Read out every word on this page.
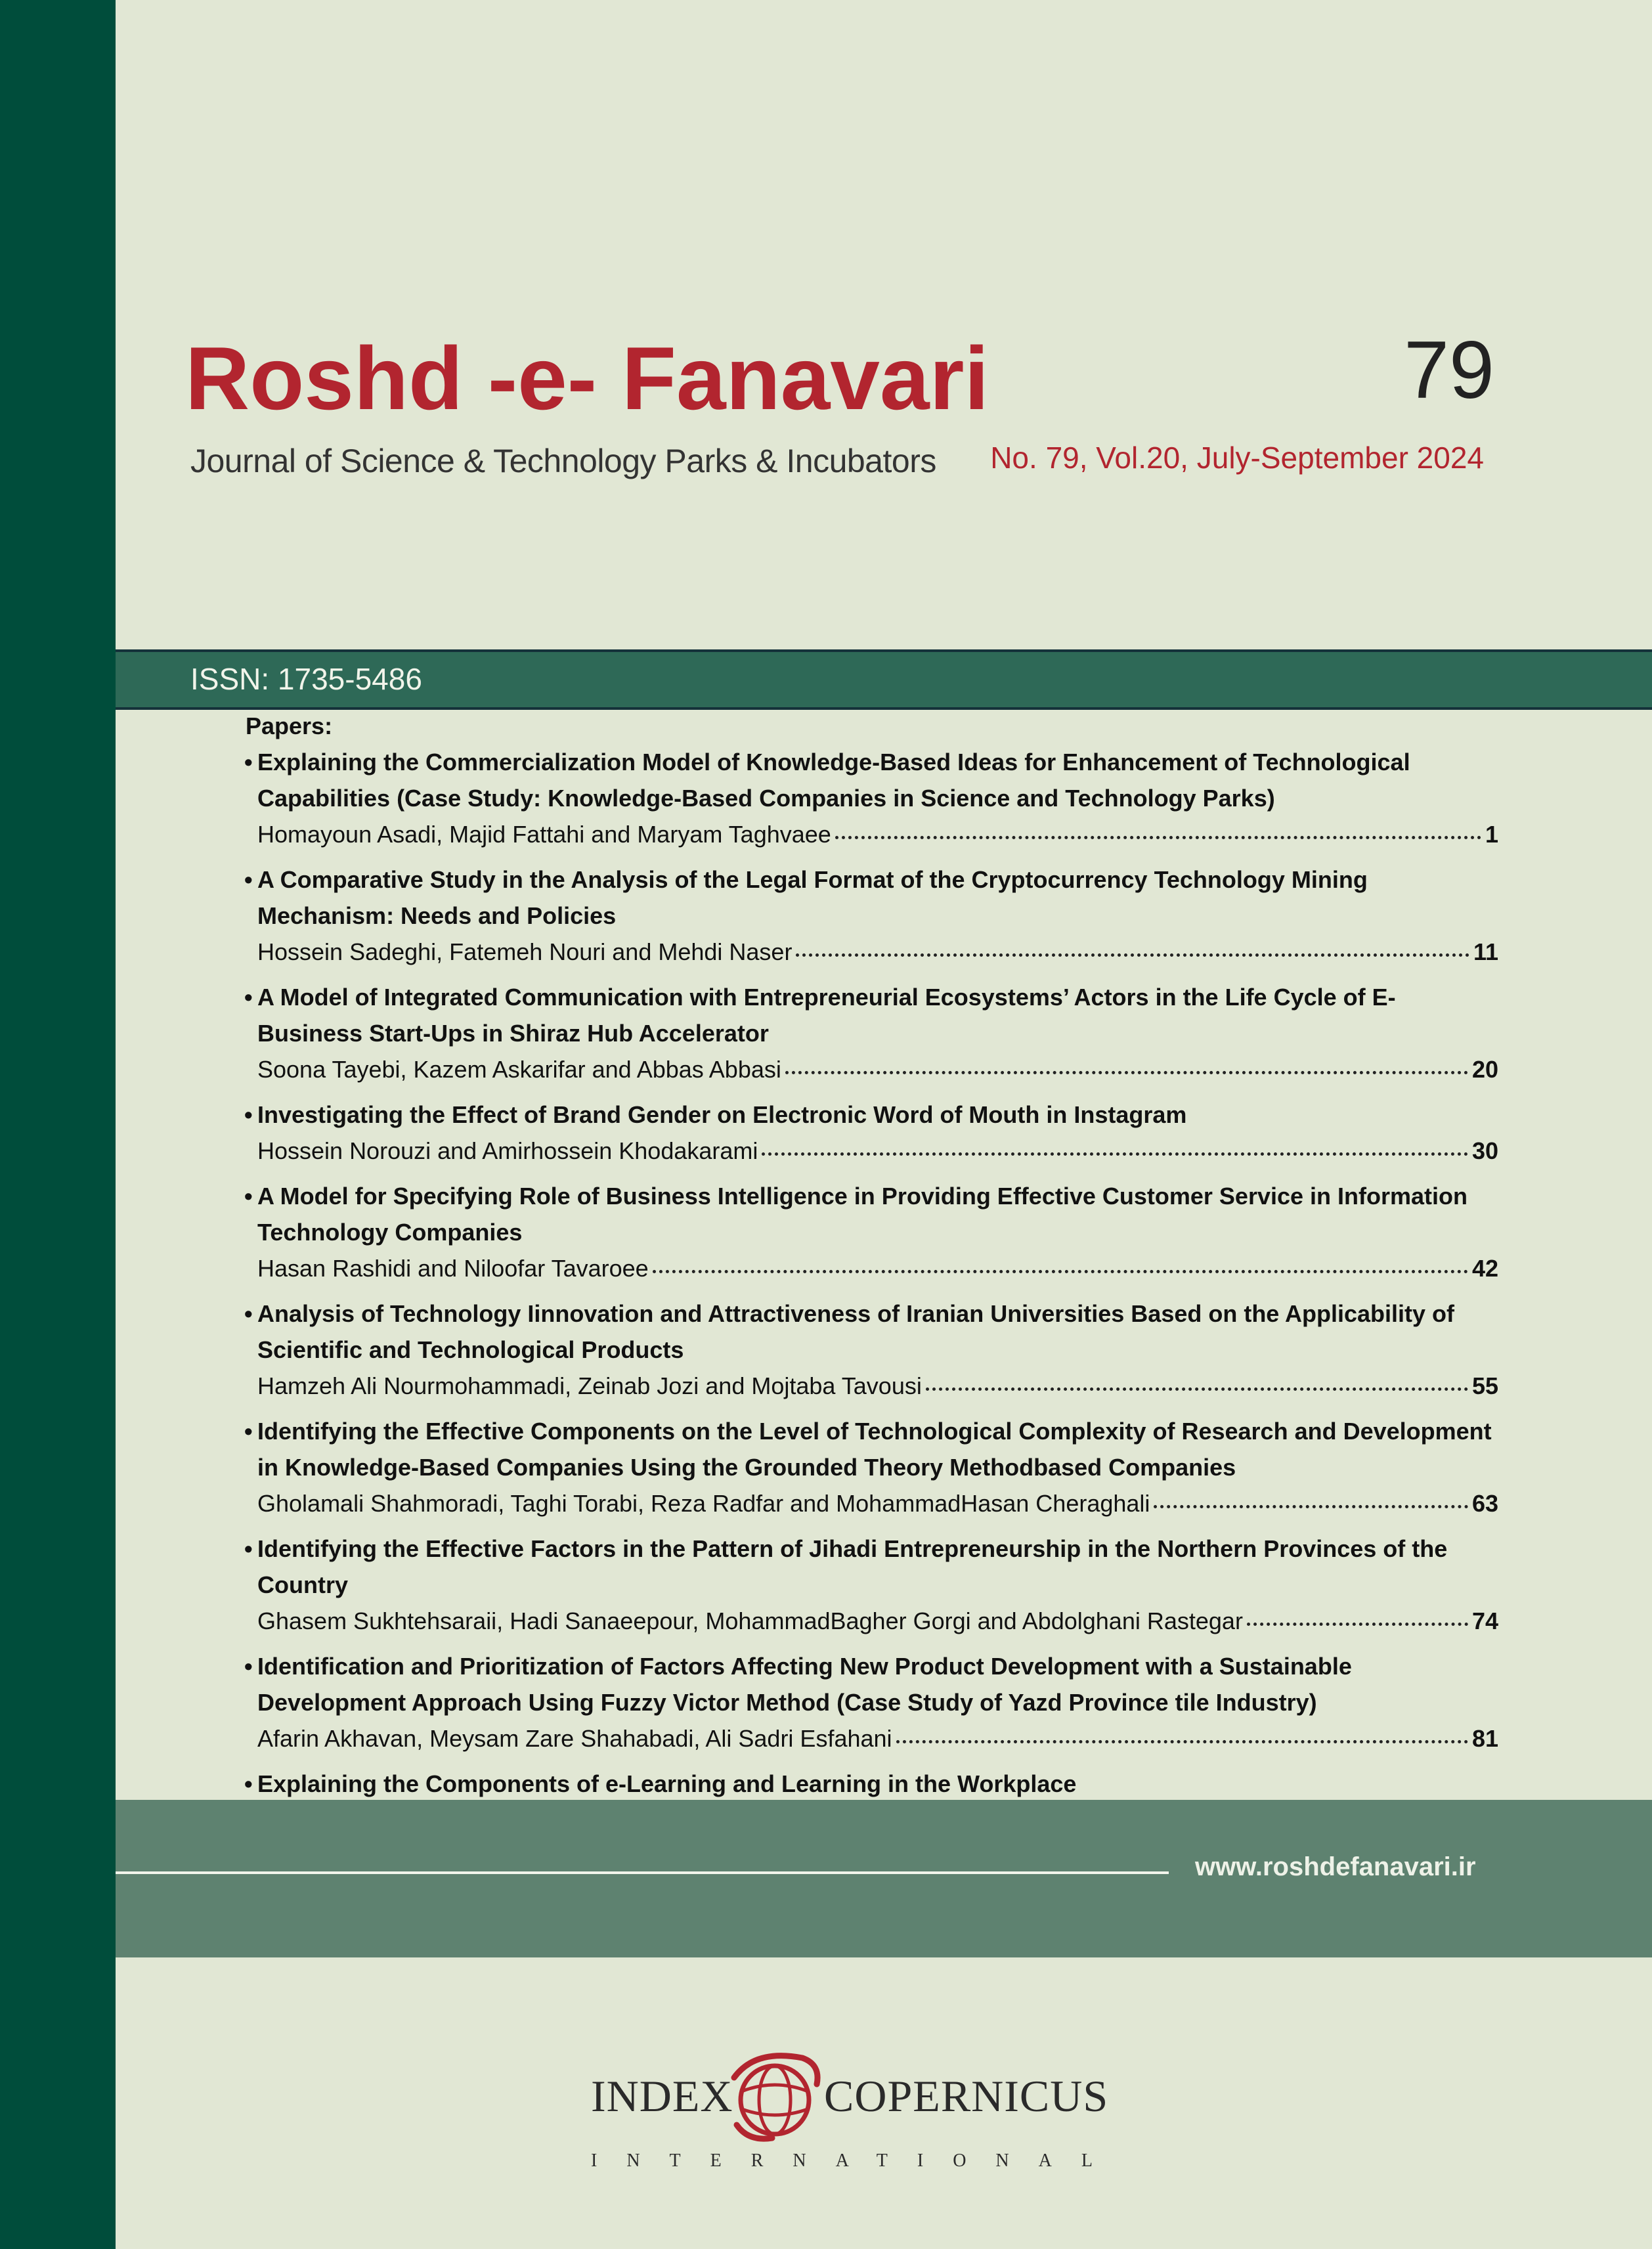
Roshd -e- Fanavari
Journal of Science & Technology Parks & Incubators
79
No. 79, Vol.20, July-September 2024
ISSN: 1735-5486
Papers:
• Explaining the Commercialization Model of Knowledge-Based Ideas for Enhancement of Technological Capabilities (Case Study: Knowledge-Based Companies in Science and Technology Parks)
Homayoun Asadi, Majid Fattahi and Maryam Taghvaee	1
• A Comparative Study in the Analysis of the Legal Format of the Cryptocurrency Technology Mining Mechanism: Needs and Policies
Hossein Sadeghi, Fatemeh Nouri and Mehdi Naser	11
• A Model of Integrated Communication with Entrepreneurial Ecosystems’ Actors in the Life Cycle of E-Business Start-Ups in Shiraz Hub Accelerator
Soona Tayebi, Kazem Askarifar and Abbas Abbasi	20
• Investigating the Effect of Brand Gender on Electronic Word of Mouth in Instagram
Hossein Norouzi and Amirhossein Khodakarami	30
• A Model for Specifying Role of Business Intelligence in Providing Effective Customer Service in Information Technology Companies
Hasan Rashidi and Niloofar Tavaroee	42
• Analysis of Technology Iinnovation and Attractiveness of Iranian Universities Based on the Applicability of Scientific and Technological Products
Hamzeh Ali Nourmohammadi, Zeinab Jozi and Mojtaba Tavousi	55
• Identifying the Effective Components on the Level of Technological Complexity of Research and Development in Knowledge-Based Companies Using the Grounded Theory Methodbased Companies
Gholamali Shahmoradi, Taghi Torabi, Reza Radfar and MohammadHasan Cheraghali	63
• Identifying the Effective Factors in the Pattern of Jihadi Entrepreneurship in the Northern Provinces of the Country
Ghasem Sukhtehsaraii, Hadi Sanaeepour, MohammadBagher Gorgi and Abdolghani Rastegar	74
• Identification and Prioritization of Factors Affecting New Product Development with a Sustainable Development Approach Using Fuzzy Victor Method (Case Study of Yazd Province tile Industry)
Afarin Akhavan, Meysam Zare Shahabadi, Ali Sadri Esfahani	81
• Explaining the Components of e-Learning and Learning in the Workplace
www.roshdefanavari.ir
INDEX COPERNICUS
INTERNATIONAL
